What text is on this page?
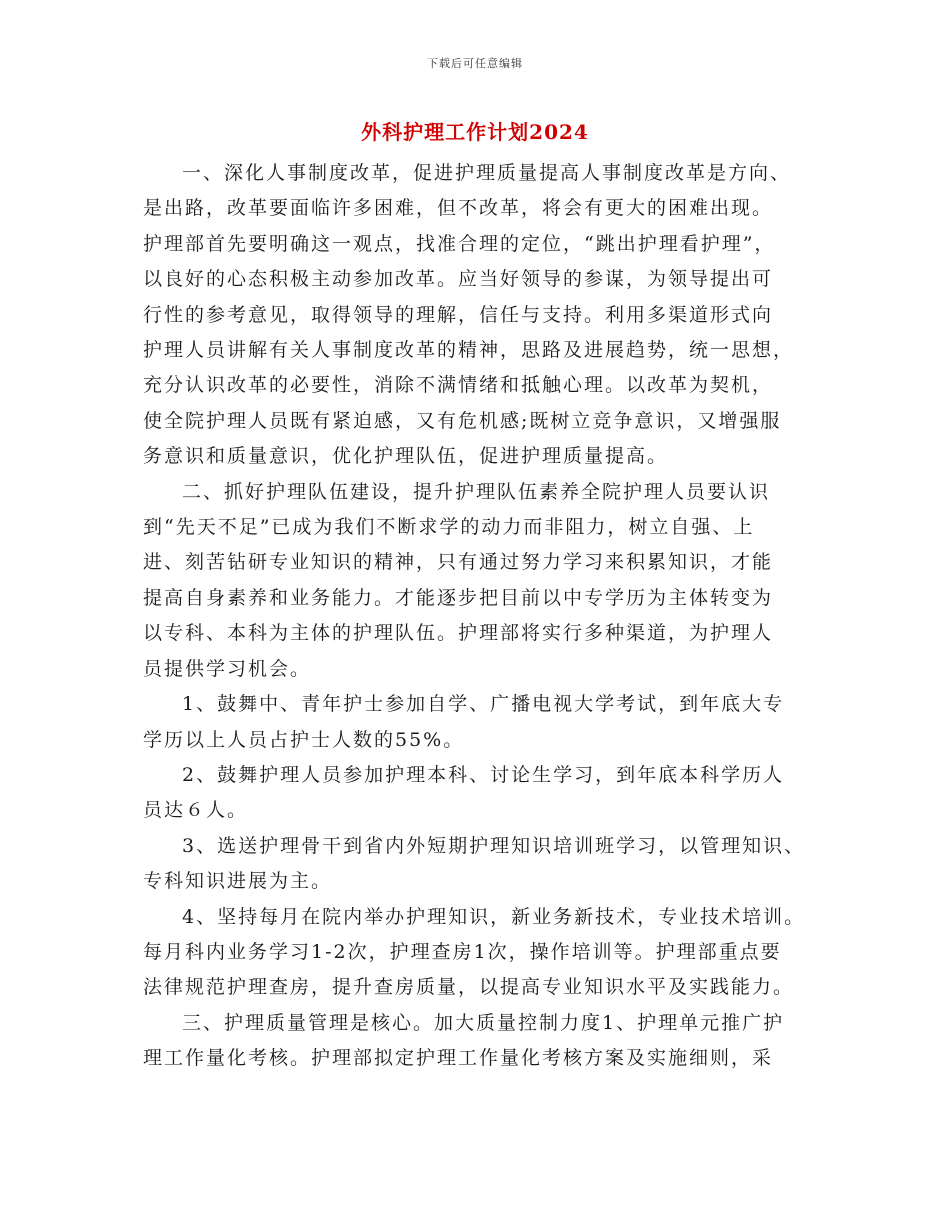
下载后可任意编辑
外科护理工作计划2024
一、深化人事制度改革，促进护理质量提高人事制度改革是方向、
是出路，改革要面临许多困难，但不改革，将会有更大的困难出现。
护理部首先要明确这一观点，找准合理的定位，“跳出护理看护理”，
以良好的心态积极主动参加改革。应当好领导的参谋，为领导提出可
行性的参考意见，取得领导的理解，信任与支持。利用多渠道形式向
护理人员讲解有关人事制度改革的精神，思路及进展趋势，统一思想，
充分认识改革的必要性，消除不满情绪和抵触心理。以改革为契机，
使全院护理人员既有紧迫感，又有危机感;既树立竞争意识，又增强服
务意识和质量意识，优化护理队伍，促进护理质量提高。
二、抓好护理队伍建设，提升护理队伍素养全院护理人员要认识
到“先天不足”已成为我们不断求学的动力而非阻力，树立自强、上
进、刻苦钻研专业知识的精神，只有通过努力学习来积累知识，才能
提高自身素养和业务能力。才能逐步把目前以中专学历为主体转变为
以专科、本科为主体的护理队伍。护理部将实行多种渠道，为护理人
员提供学习机会。
1、鼓舞中、青年护士参加自学、广播电视大学考试，到年底大专
学历以上人员占护士人数的55%。
2、鼓舞护理人员参加护理本科、讨论生学习，到年底本科学历人
员达６人。
3、选送护理骨干到省内外短期护理知识培训班学习，以管理知识、
专科知识进展为主。
4、坚持每月在院内举办护理知识，新业务新技术，专业技术培训。
每月科内业务学习1-2次，护理查房1次，操作培训等。护理部重点要
法律规范护理查房，提升查房质量，以提高专业知识水平及实践能力。
三、护理质量管理是核心。加大质量控制力度1、护理单元推广护
理工作量化考核。护理部拟定护理工作量化考核方案及实施细则，采
